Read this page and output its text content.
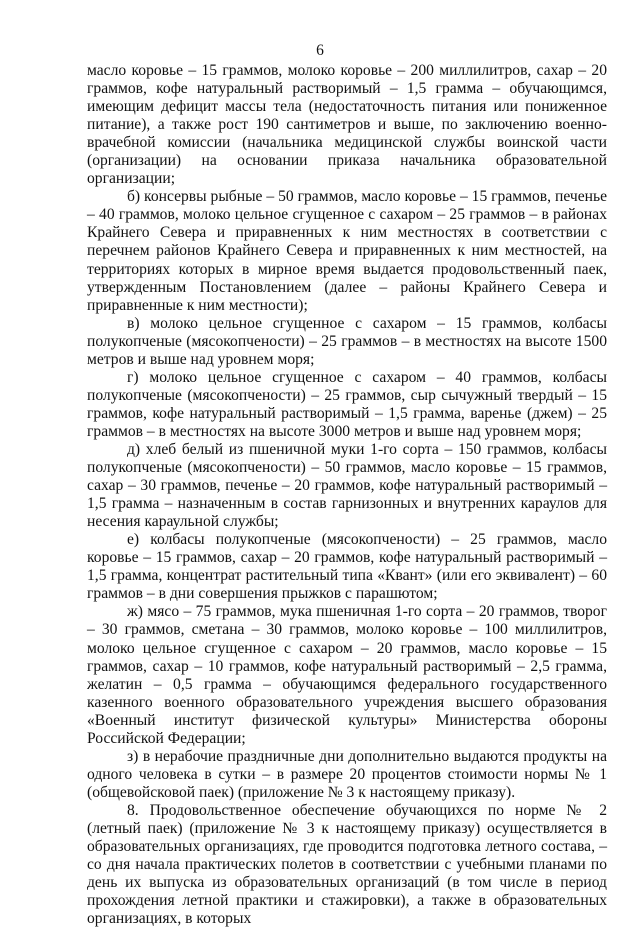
6

масло коровье – 15 граммов, молоко коровье – 200 миллилитров, сахар – 20 граммов, кофе натуральный растворимый – 1,5 грамма – обучающимся, имеющим дефицит массы тела (недостаточность питания или пониженное питание), а также рост 190 сантиметров и выше, по заключению военно-врачебной комиссии (начальника медицинской службы воинской части (организации) на основании приказа начальника образовательной организации;

б) консервы рыбные – 50 граммов, масло коровье – 15 граммов, печенье – 40 граммов, молоко цельное сгущенное с сахаром – 25 граммов – в районах Крайнего Севера и приравненных к ним местностях в соответствии с перечнем районов Крайнего Севера и приравненных к ним местностей, на территориях которых в мирное время выдается продовольственный паек, утвержденным Постановлением (далее – районы Крайнего Севера и приравненные к ним местности);

в) молоко цельное сгущенное с сахаром – 15 граммов, колбасы полукопченые (мясокопчености) – 25 граммов – в местностях на высоте 1500 метров и выше над уровнем моря;

г) молоко цельное сгущенное с сахаром – 40 граммов, колбасы полукопченые (мясокопчености) – 25 граммов, сыр сычужный твердый – 15 граммов, кофе натуральный растворимый – 1,5 грамма, варенье (джем) – 25 граммов – в местностях на высоте 3000 метров и выше над уровнем моря;

д) хлеб белый из пшеничной муки 1-го сорта – 150 граммов, колбасы полукопченые (мясокопчености) – 50 граммов, масло коровье – 15 граммов, сахар – 30 граммов, печенье – 20 граммов, кофе натуральный растворимый – 1,5 грамма – назначенным в состав гарнизонных и внутренних караулов для несения караульной службы;

е) колбасы полукопченые (мясокопчености) – 25 граммов, масло коровье – 15 граммов, сахар – 20 граммов, кофе натуральный растворимый – 1,5 грамма, концентрат растительный типа «Квант» (или его эквивалент) – 60 граммов – в дни совершения прыжков с парашютом;

ж) мясо – 75 граммов, мука пшеничная 1-го сорта – 20 граммов, творог – 30 граммов, сметана – 30 граммов, молоко коровье – 100 миллилитров, молоко цельное сгущенное с сахаром – 20 граммов, масло коровье – 15 граммов, сахар – 10 граммов, кофе натуральный растворимый – 2,5 грамма, желатин – 0,5 грамма – обучающимся федерального государственного казенного военного образовательного учреждения высшего образования «Военный институт физической культуры» Министерства обороны Российской Федерации;

з) в нерабочие праздничные дни дополнительно выдаются продукты на одного человека в сутки – в размере 20 процентов стоимости нормы № 1 (общевойсковой паек) (приложение № 3 к настоящему приказу).

8. Продовольственное обеспечение обучающихся по норме № 2 (летный паек) (приложение № 3 к настоящему приказу) осуществляется в образовательных организациях, где проводится подготовка летного состава, – со дня начала практических полетов в соответствии с учебными планами по день их выпуска из образовательных организаций (в том числе в период прохождения летной практики и стажировки), а также в образовательных организациях, в которых
